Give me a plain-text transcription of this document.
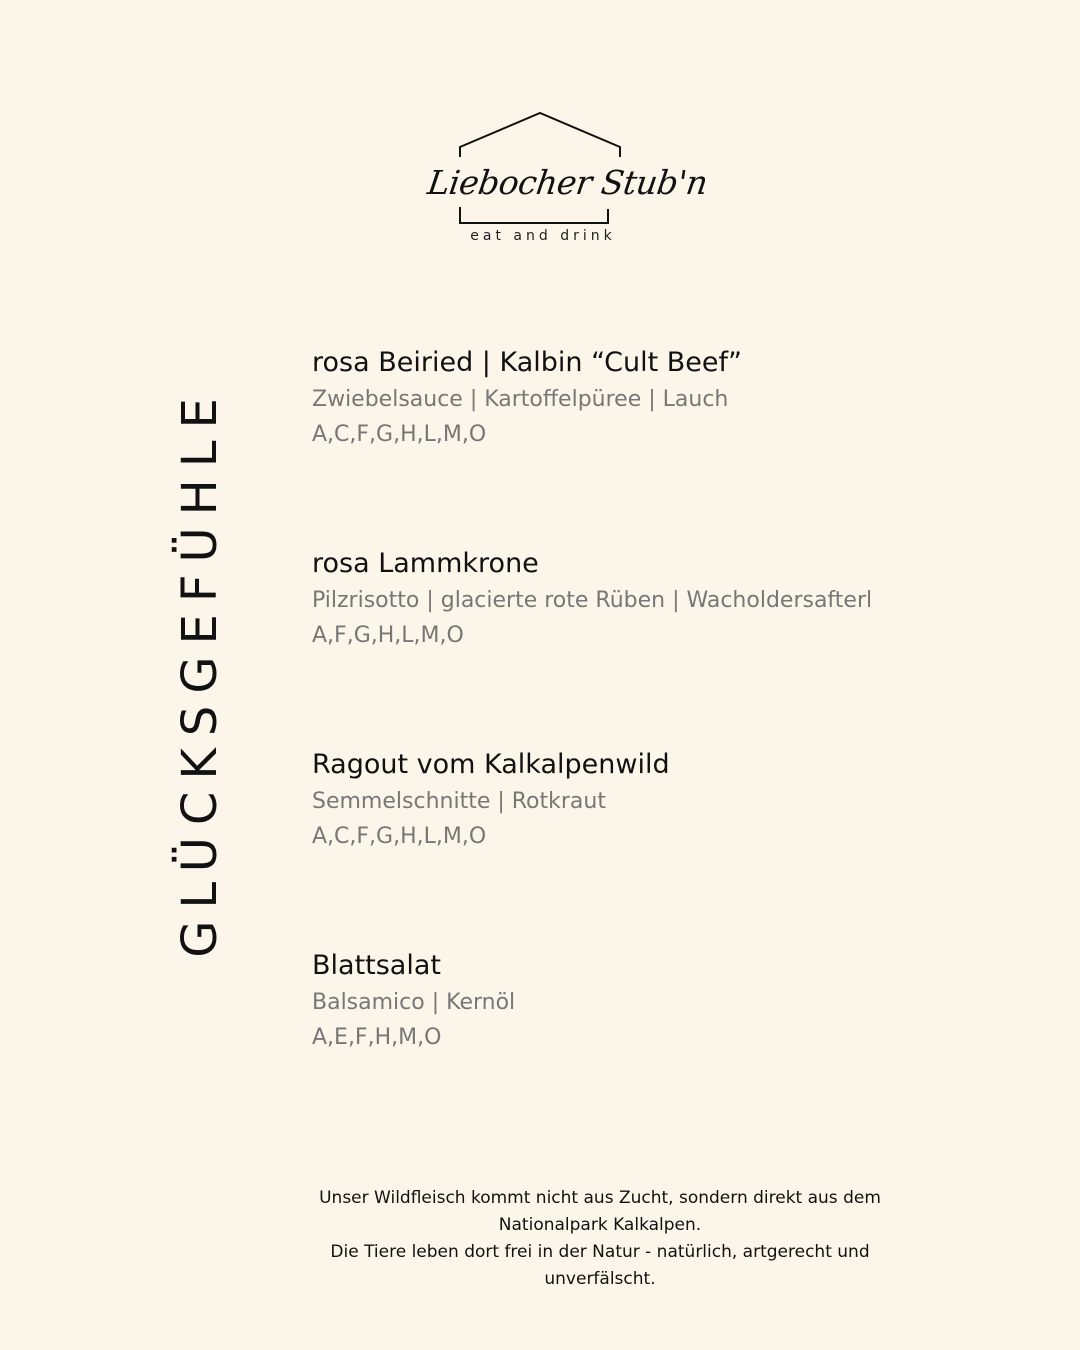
Liebocher Stub'n
eat and drink
GLÜCKSGEFÜHLE
rosa Beiried | Kalbin “Cult Beef”
Zwiebelsauce | Kartoffelpüree | Lauch
A,C,F,G,H,L,M,O
rosa Lammkrone
Pilzrisotto | glacierte rote Rüben | Wacholdersafterl
A,F,G,H,L,M,O
Ragout vom Kalkalpenwild
Semmelschnitte | Rotkraut
A,C,F,G,H,L,M,O
Blattsalat
Balsamico | Kernöl
A,E,F,H,M,O
Unser Wildfleisch kommt nicht aus Zucht, sondern direkt aus dem Nationalpark Kalkalpen.
Die Tiere leben dort frei in der Natur - natürlich, artgerecht und unverfälscht.
